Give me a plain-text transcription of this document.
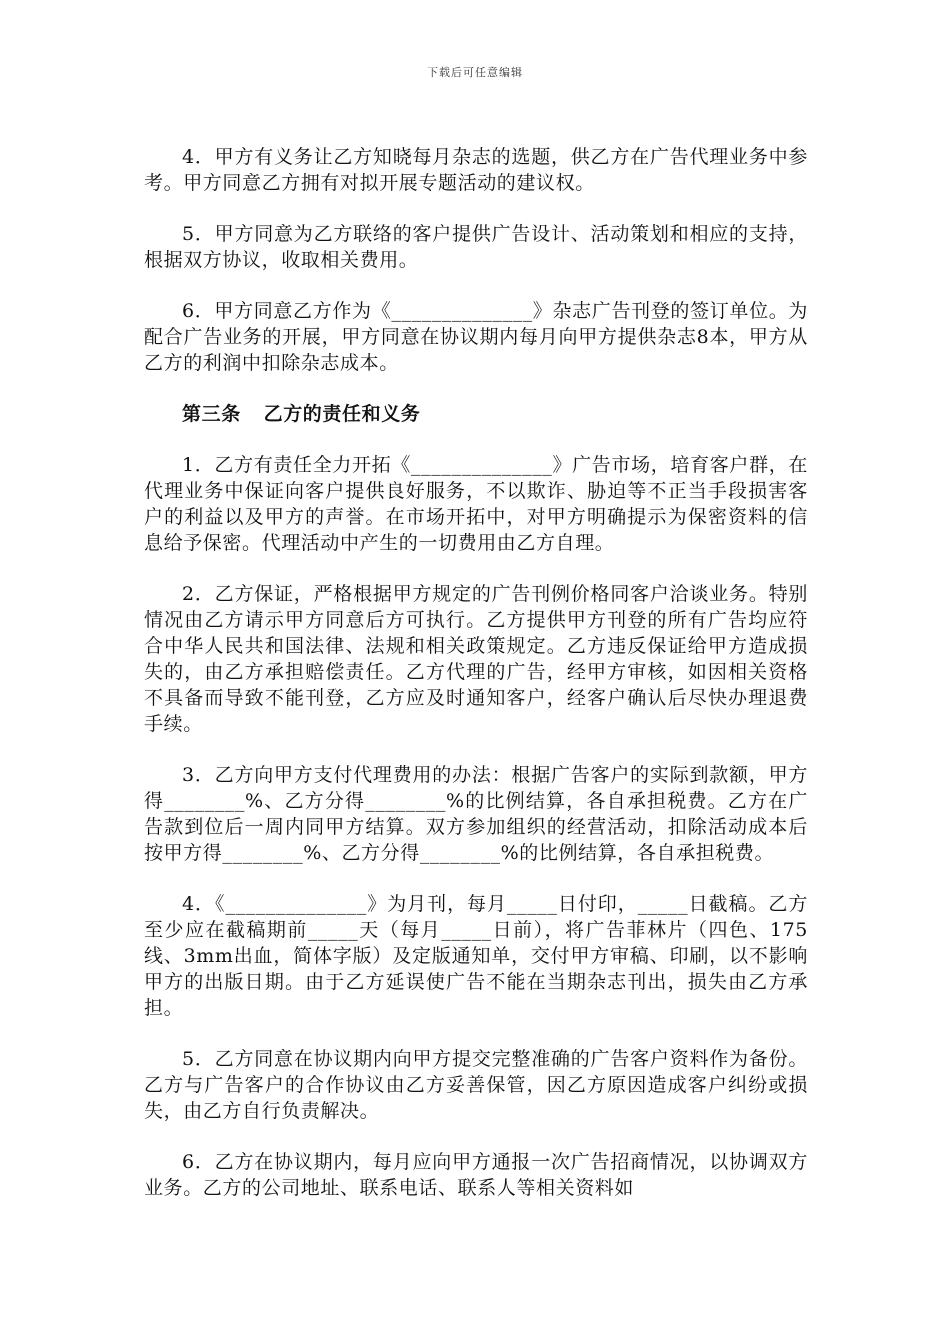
下载后可任意编辑

4．甲方有义务让乙方知晓每月杂志的选题，供乙方在广告代理业务中参考。甲方同意乙方拥有对拟开展专题活动的建议权。

5．甲方同意为乙方联络的客户提供广告设计、活动策划和相应的支持，根据双方协议，收取相关费用。

6．甲方同意乙方作为《______________》杂志广告刊登的签订单位。为配合广告业务的开展，甲方同意在协议期内每月向甲方提供杂志8本，甲方从乙方的利润中扣除杂志成本。

第三条 乙方的责任和义务

1．乙方有责任全力开拓《______________》广告市场，培育客户群，在代理业务中保证向客户提供良好服务，不以欺诈、胁迫等不正当手段损害客户的利益以及甲方的声誉。在市场开拓中，对甲方明确提示为保密资料的信息给予保密。代理活动中产生的一切费用由乙方自理。

2．乙方保证，严格根据甲方规定的广告刊例价格同客户洽谈业务。特别情况由乙方请示甲方同意后方可执行。乙方提供甲方刊登的所有广告均应符合中华人民共和国法律、法规和相关政策规定。乙方违反保证给甲方造成损失的，由乙方承担赔偿责任。乙方代理的广告，经甲方审核，如因相关资格不具备而导致不能刊登，乙方应及时通知客户，经客户确认后尽快办理退费手续。

3．乙方向甲方支付代理费用的办法：根据广告客户的实际到款额，甲方得________%、乙方分得________%的比例结算，各自承担税费。乙方在广告款到位后一周内同甲方结算。双方参加组织的经营活动，扣除活动成本后按甲方得________%、乙方分得________%的比例结算，各自承担税费。

4．《______________》为月刊，每月_____日付印，_____日截稿。乙方至少应在截稿期前_____天（每月_____日前），将广告菲林片（四色、175线、3mm出血，简体字版）及定版通知单，交付甲方审稿、印刷，以不影响甲方的出版日期。由于乙方延误使广告不能在当期杂志刊出，损失由乙方承担。

5．乙方同意在协议期内向甲方提交完整准确的广告客户资料作为备份。乙方与广告客户的合作协议由乙方妥善保管，因乙方原因造成客户纠纷或损失，由乙方自行负责解决。

6．乙方在协议期内，每月应向甲方通报一次广告招商情况，以协调双方业务。乙方的公司地址、联系电话、联系人等相关资料如
